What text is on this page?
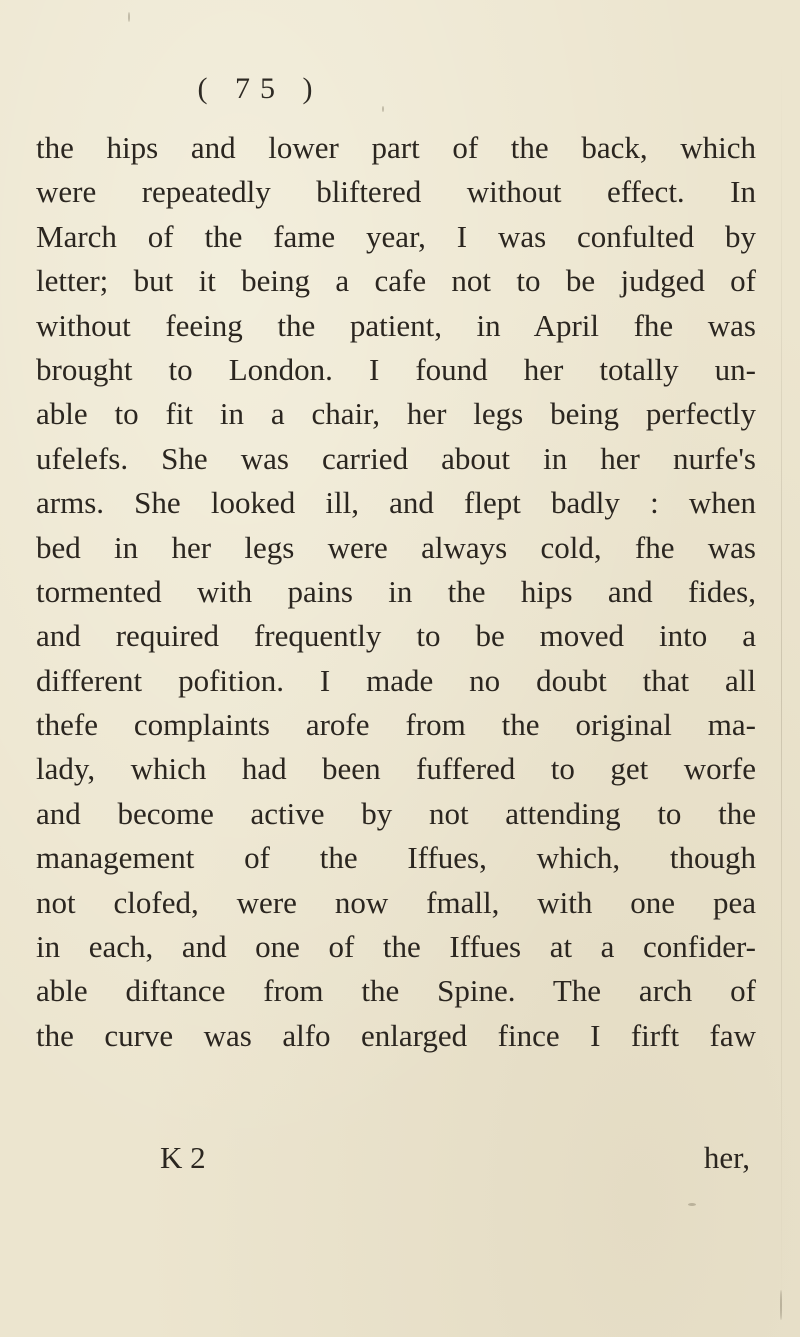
( 75 )
the hips and lower part of the back, which
were repeatedly bliftered without effect. In
March of the fame year, I was confulted by
letter; but it being a cafe not to be judged of
without feeing the patient, in April fhe was
brought to London. I found her totally un-
able to fit in a chair, her legs being perfectly
ufelefs. She was carried about in her nurfe's
arms. She looked ill, and flept badly : when
bed in her legs were always cold, fhe was
tormented with pains in the hips and fides,
and required frequently to be moved into a
different pofition. I made no doubt that all
thefe complaints arofe from the original ma-
lady, which had been fuffered to get worfe
and become active by not attending to the
management of the Iffues, which, though
not clofed, were now fmall, with one pea
in each, and one of the Iffues at a confider-
able diftance from the Spine. The arch of
the curve was alfo enlarged fince I firft faw
K 2	her,
